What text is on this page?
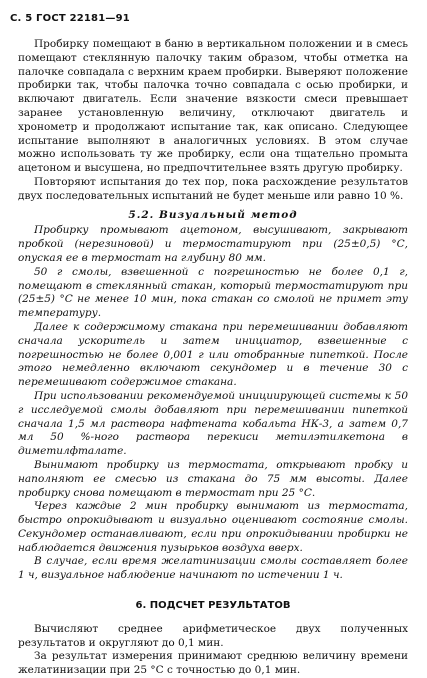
С. 5 ГОСТ 22181—91

Пробирку помещают в баню в вертикальном положении и в смесь помещают стеклянную палочку таким образом, чтобы отметка на палочке совпадала с верхним краем пробирки. Выверяют положение пробирки так, чтобы палочка точно совпадала с осью пробирки, и включают двигатель. Если значение вязкости смеси превышает заранее установленную величину, отключают двигатель и хронометр и продолжают испытание так, как описано. Следующее испытание выполняют в аналогичных условиях. В этом случае можно использовать ту же пробирку, если она тщательно промыта ацетоном и высушена, но предпочтительнее взять другую пробирку.

Повторяют испытания до тех пор, пока расхождение результатов двух последовательных испытаний не будет меньше или равно 10 %.

5.2. Визуальный метод

Пробирку промывают ацетоном, высушивают, закрывают пробкой (нерезиновой) и термостатируют при (25±0,5) °С, опуская ее в термостат на глубину 80 мм.

50 г смолы, взвешенной с погрешностью не более 0,1 г, помещают в стеклянный стакан, который термостатируют при (25±5) °С не менее 10 мин, пока стакан со смолой не примет эту температуру.

Далее к содержимому стакана при перемешивании добавляют сначала ускоритель и затем инициатор, взвешенные с погрешностью не более 0,001 г или отобранные пипеткой. После этого немедленно включают секундомер и в течение 30 с перемешивают содержимое стакана.

При использовании рекомендуемой инициирующей системы к 50 г исследуемой смолы добавляют при перемешивании пипеткой сначала 1,5 мл раствора нафтената кобальта НК-3, а затем 0,7 мл 50 %-ного раствора перекиси метилэтилкетона в диметилфталате.

Вынимают пробирку из термостата, открывают пробку и наполняют ее смесью из стакана до 75 мм высоты. Далее пробирку снова помещают в термостат при 25 °С.

Через каждые 2 мин пробирку вынимают из термостата, быстро опрокидывают и визуально оценивают состояние смолы. Секундомер останавливают, если при опрокидывании пробирки не наблюдается движения пузырьков воздуха вверх.

В случае, если время желатинизации смолы составляет более 1 ч, визуальное наблюдение начинают по истечении 1 ч.

6. ПОДСЧЕТ РЕЗУЛЬТАТОВ

Вычисляют среднее арифметическое двух полученных результатов и округляют до 0,1 мин.

За результат измерения принимают среднюю величину времени желатинизации при 25 °С с точностью до 0,1 мин.
